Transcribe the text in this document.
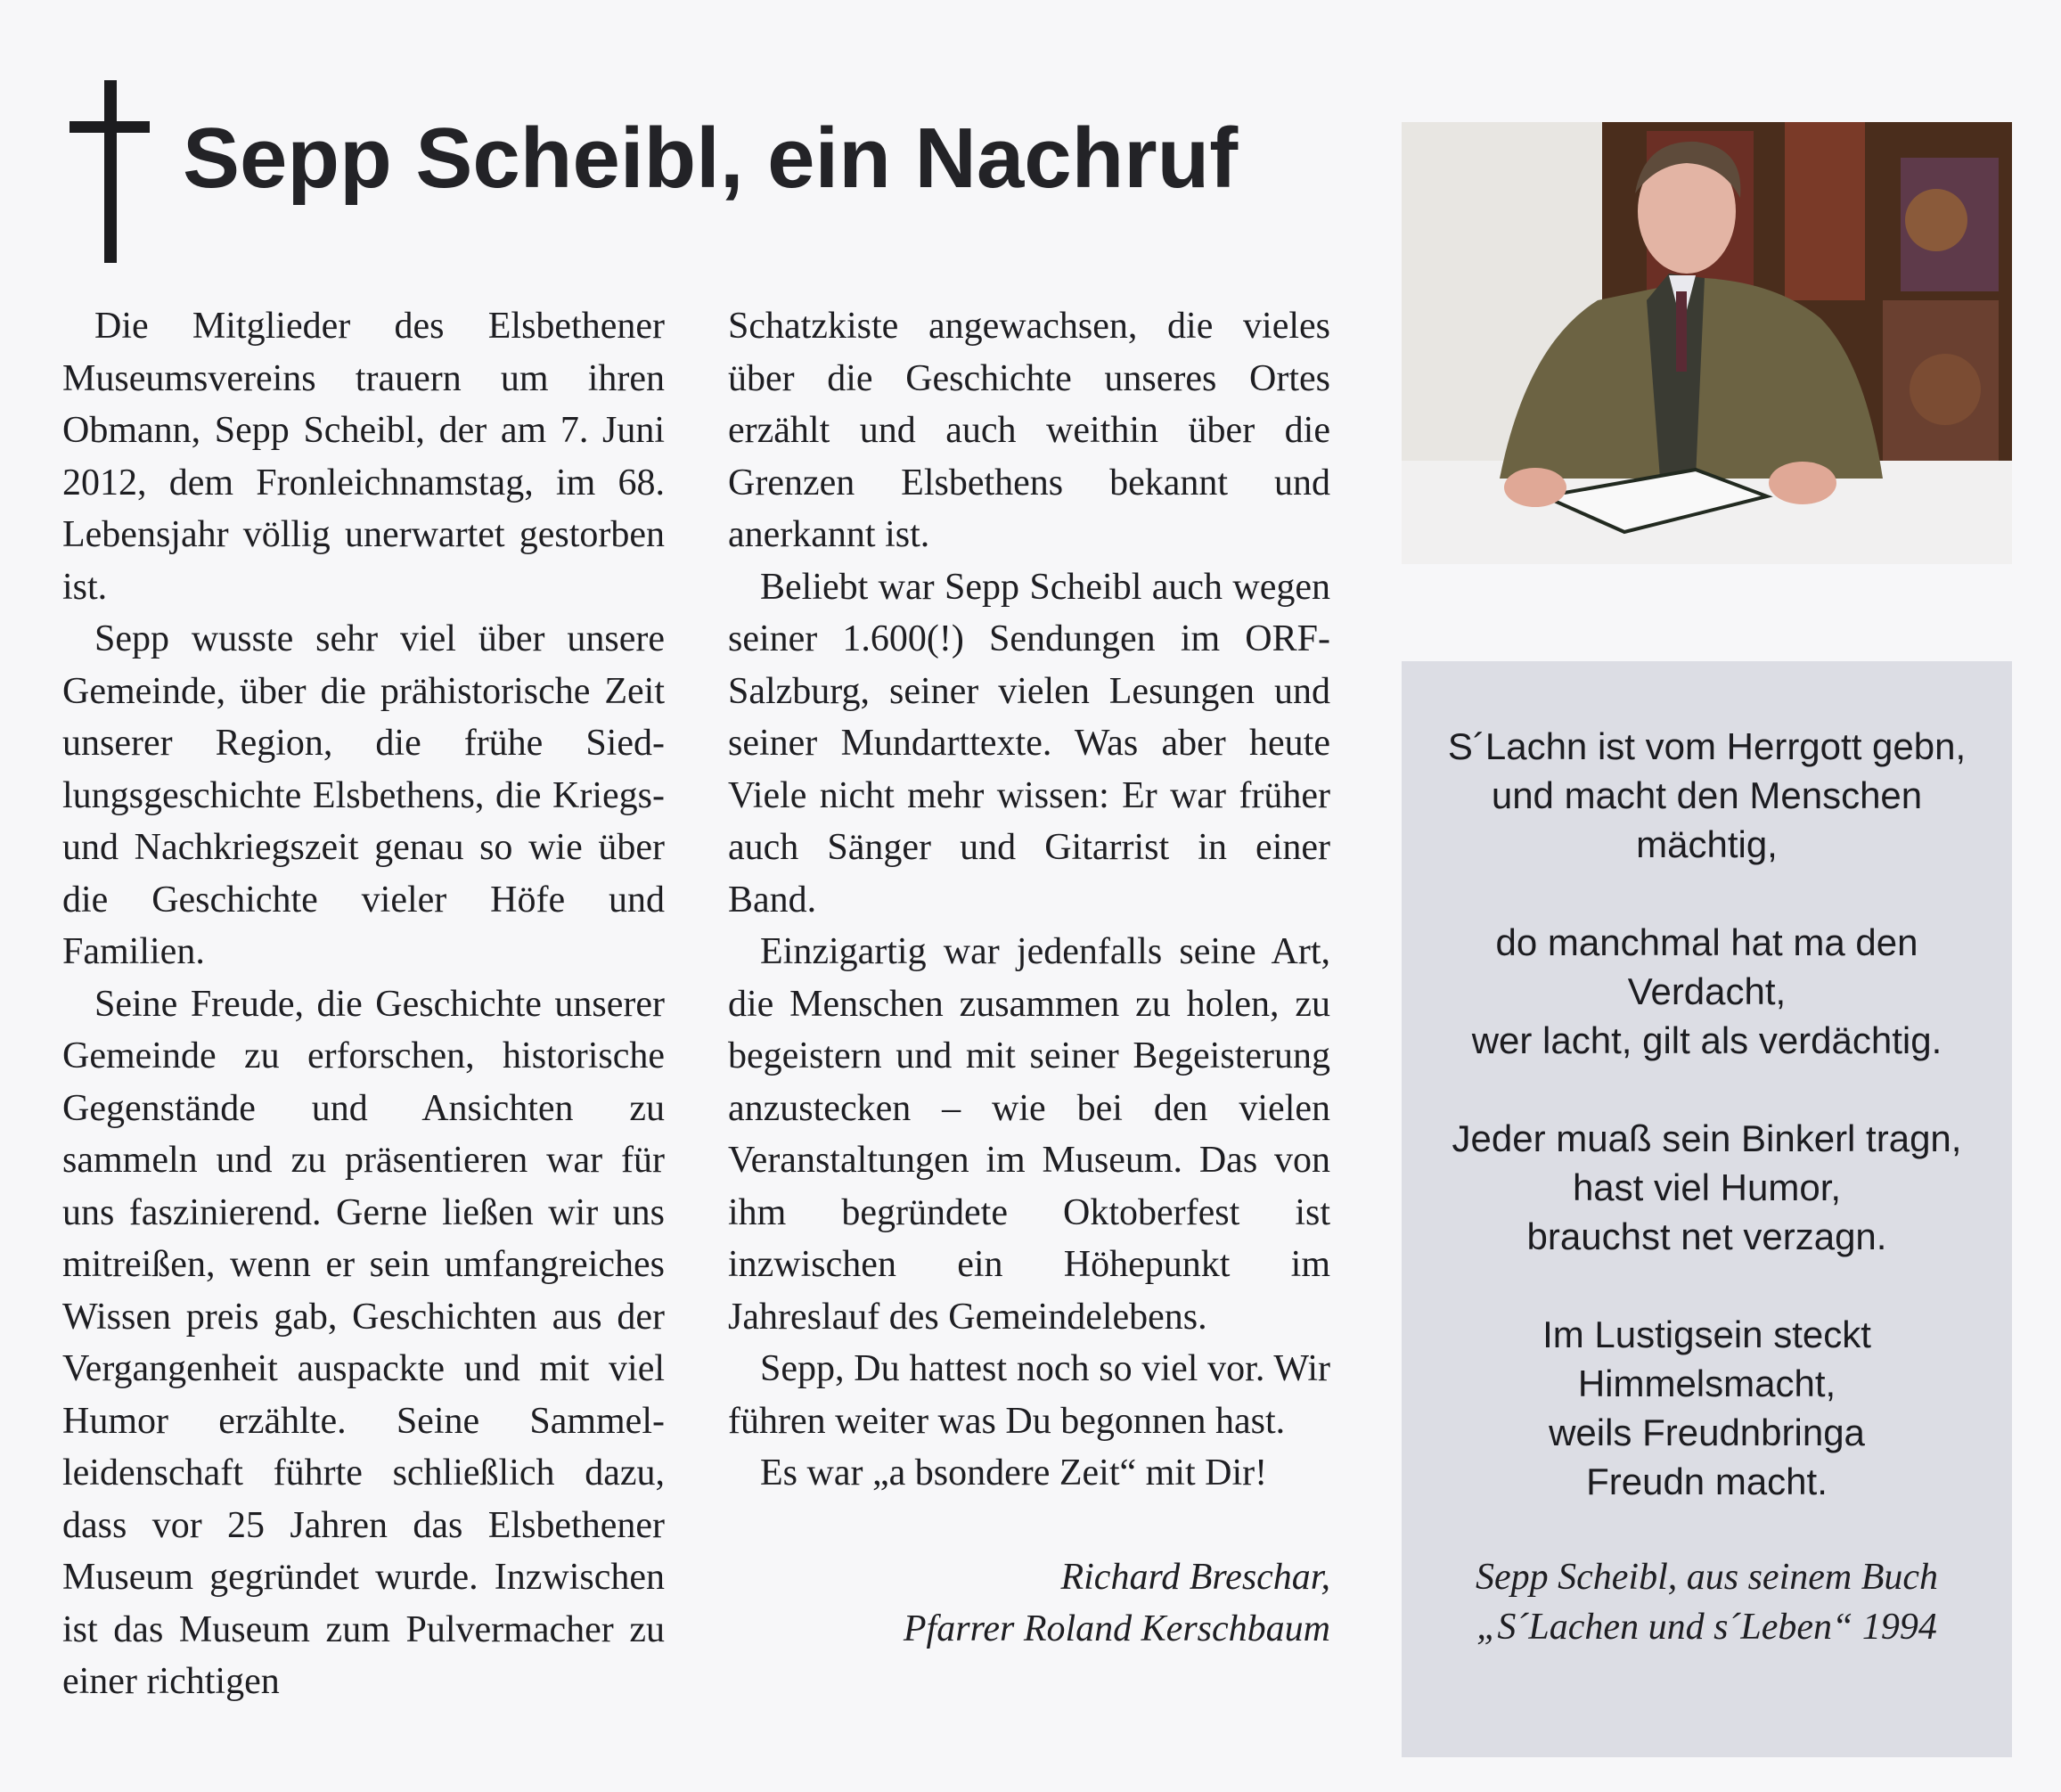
Sepp Scheibl, ein Nachruf

Die Mitglieder des Elsbethener Museumsvereins trauern um ihren Obmann, Sepp Scheibl, der am 7. Juni 2012, dem Fronleichnamstag, im 68. Lebensjahr völlig unerwartet gestorben ist.

Sepp wusste sehr viel über unsere Gemeinde, über die prähistorische Zeit unserer Region, die frühe Siedlungsgeschichte Elsbethens, die Kriegs- und Nachkriegszeit genau so wie über die Geschichte vieler Höfe und Familien.

Seine Freude, die Geschichte unserer Gemeinde zu erforschen, historische Gegenstände und Ansichten zu sammeln und zu präsentieren war für uns faszinierend. Gerne ließen wir uns mitreißen, wenn er sein umfangreiches Wissen preis gab, Geschichten aus der Vergangenheit auspackte und mit viel Humor erzählte. Seine Sammelleidenschaft führte schließlich dazu, dass vor 25 Jahren das Elsbethener Museum gegründet wurde. Inzwischen ist das Museum zum Pulvermacher zu einer richtigen

Schatzkiste angewachsen, die vieles über die Geschichte unseres Ortes erzählt und auch weithin über die Grenzen Elsbethens bekannt und anerkannt ist.

Beliebt war Sepp Scheibl auch wegen seiner 1.600(!) Sendungen im ORF-Salzburg, seiner vielen Lesungen und seiner Mundarttexte. Was aber heute Viele nicht mehr wissen: Er war früher auch Sänger und Gitarrist in einer Band.

Einzigartig war jedenfalls seine Art, die Menschen zusammen zu holen, zu begeistern und mit seiner Begeisterung anzustecken – wie bei den vielen Veranstaltungen im Museum. Das von ihm begründete Oktoberfest ist inzwischen ein Höhepunkt im Jahreslauf des Gemeindelebens.

Sepp, Du hattest noch so viel vor. Wir führen weiter was Du begonnen hast.

Es war „a bsondere Zeit“ mit Dir!

Richard Breschar,
Pfarrer Roland Kerschbaum

S´Lachn ist vom Herrgott gebn,
und macht den Menschen
mächtig,

do manchmal hat ma den
Verdacht,
wer lacht, gilt als verdächtig.

Jeder muaß sein Binkerl tragn,
hast viel Humor,
brauchst net verzagn.

Im Lustigsein steckt
Himmelsmacht,
weils Freudnbringa
Freudn macht.

Sepp Scheibl, aus seinem Buch
„S´Lachen und s´Leben“ 1994
